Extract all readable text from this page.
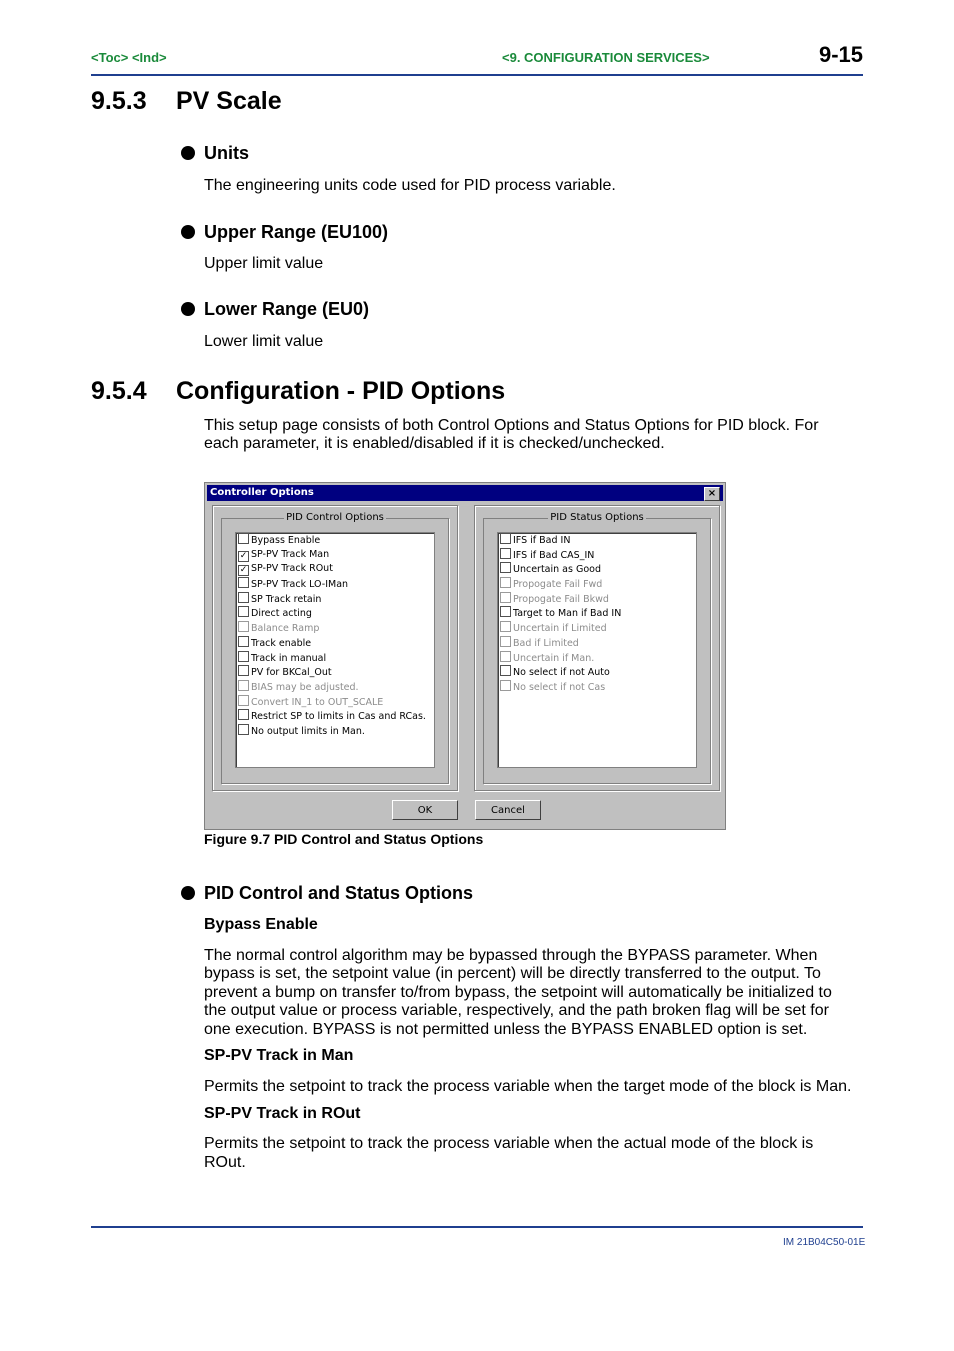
<Toc> <Ind>	<9. CONFIGURATION SERVICES>	9-15
9.5.3 PV Scale
Units
The engineering units code used for PID process variable.
Upper Range (EU100)
Upper limit value
Lower Range (EU0)
Lower limit value
9.5.4 Configuration - PID Options
This setup page consists of both Control Options and Status Options for PID block. For
each parameter, it is enabled/disabled if it is checked/unchecked.
Controller Options	×
PID Control Options
Bypass Enable
✓ SP-PV Track Man
✓ SP-PV Track ROut
SP-PV Track LO-IMan
SP Track retain
Direct acting
Balance Ramp
Track enable
Track in manual
PV for BKCal_Out
BIAS may be adjusted.
Convert IN_1 to OUT_SCALE
Restrict SP to limits in Cas and RCas.
No output limits in Man.
PID Status Options
IFS if Bad IN
IFS if Bad CAS_IN
Uncertain as Good
Propogate Fail Fwd
Propogate Fail Bkwd
Target to Man if Bad IN
Uncertain if Limited
Bad if Limited
Uncertain if Man.
No select if not Auto
No select if not Cas
OK	Cancel
Figure 9.7 PID Control and Status Options
PID Control and Status Options
Bypass Enable
The normal control algorithm may be bypassed through the BYPASS parameter. When
bypass is set, the setpoint value (in percent) will be directly transferred to the output. To
prevent a bump on transfer to/from bypass, the setpoint will automatically be initialized to
the output value or process variable, respectively, and the path broken flag will be set for
one execution. BYPASS is not permitted unless the BYPASS ENABLED option is set.
SP-PV Track in Man
Permits the setpoint to track the process variable when the target mode of the block is Man.
SP-PV Track in ROut
Permits the setpoint to track the process variable when the actual mode of the block is
ROut.
IM 21B04C50-01E
